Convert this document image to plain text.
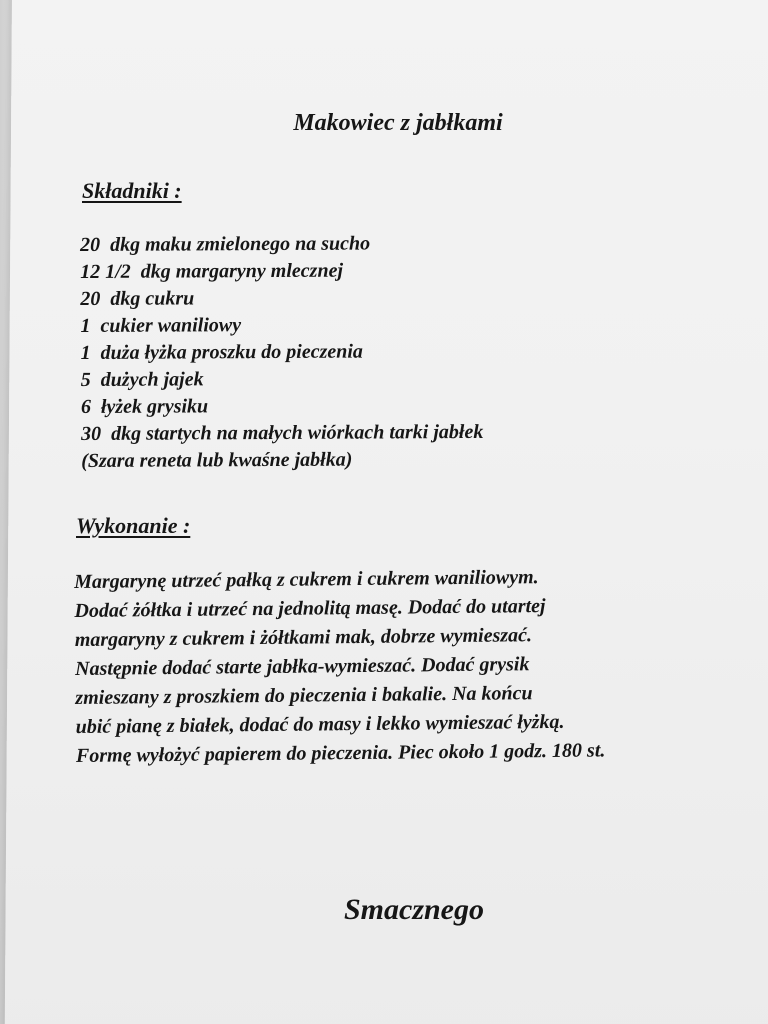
Makowiec z jabłkami
Składniki :
20  dkg maku zmielonego na sucho
12 1/2  dkg margaryny mlecznej
20  dkg cukru
1  cukier waniliowy
1  duża łyżka proszku do pieczenia
5  dużych jajek
6  łyżek grysiku
30  dkg startych na małych wiórkach tarki jabłek
(Szara reneta lub kwaśne jabłka)
Wykonanie :
Margarynę utrzeć pałką z cukrem i cukrem waniliowym.
Dodać żółtka i utrzeć na jednolitą masę. Dodać do utartej
margaryny z cukrem i żółtkami mak, dobrze wymieszać.
Następnie dodać starte jabłka-wymieszać. Dodać grysik
zmieszany z proszkiem do pieczenia i bakalie. Na końcu
ubić pianę z białek, dodać do masy i lekko wymieszać łyżką.
Formę wyłożyć papierem do pieczenia. Piec około 1 godz. 180 st.
Smacznego
